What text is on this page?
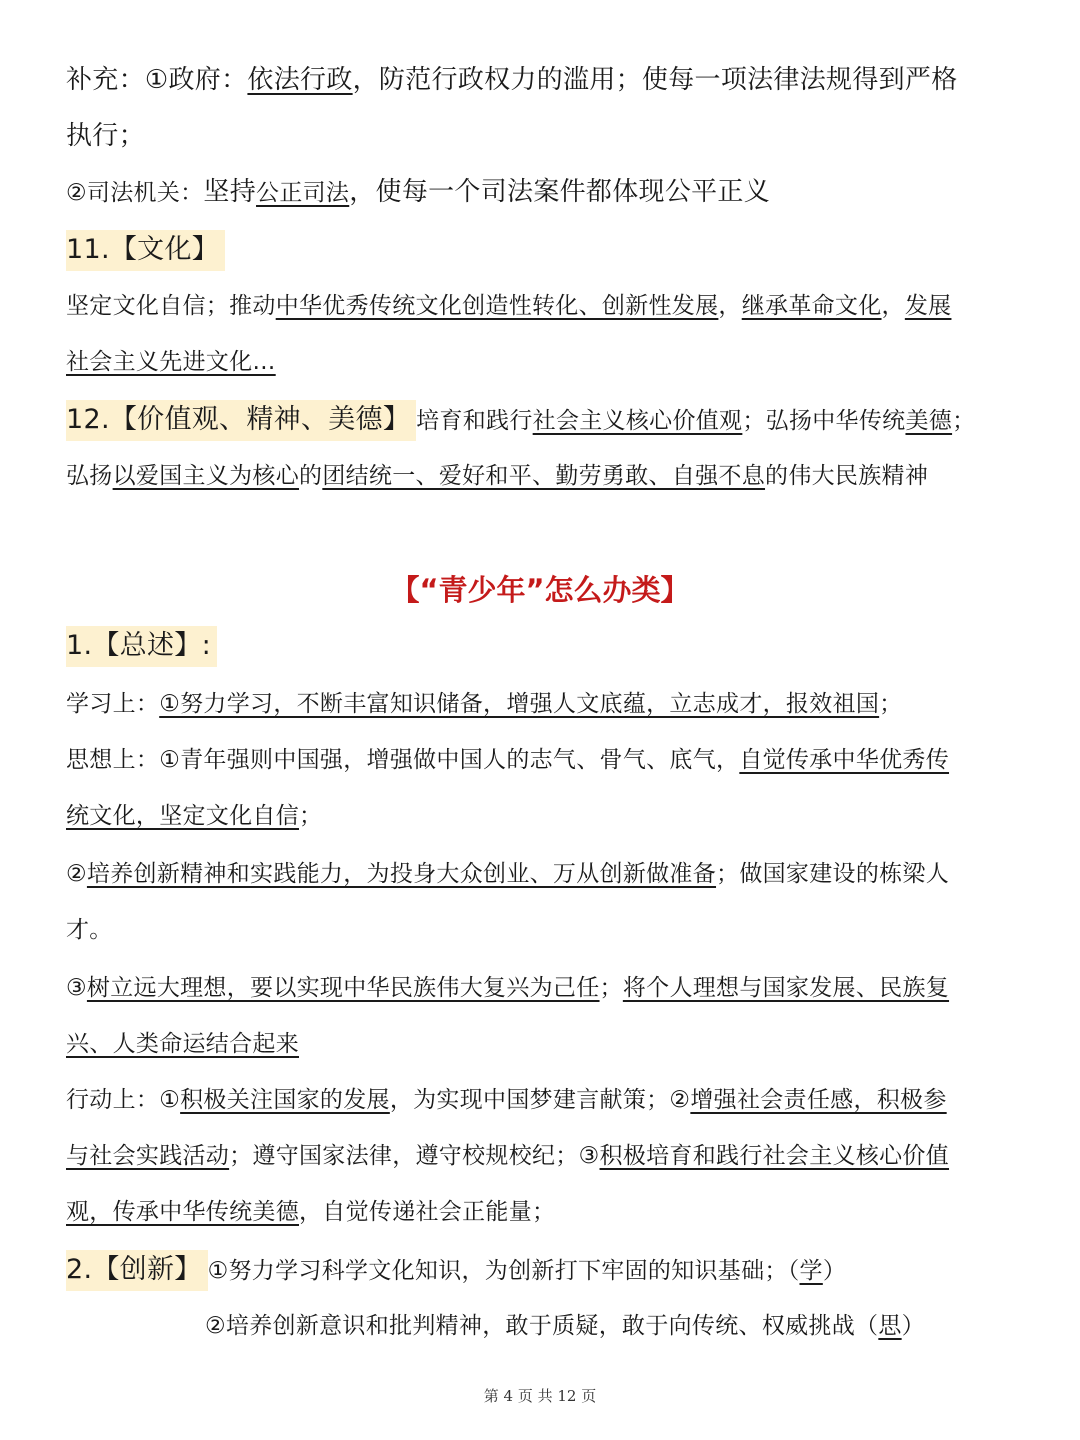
补充：①政府：依法行政，防范行政权力的滥用；使每一项法律法规得到严格
执行；
②司法机关：坚持公正司法，使每一个司法案件都体现公平正义
11.【文化】
坚定文化自信；推动中华优秀传统文化创造性转化、创新性发展，继承革命文化，发展
社会主义先进文化…
12.【价值观、精神、美德】 培育和践行社会主义核心价值观；弘扬中华传统美德；
弘扬以爱国主义为核心的团结统一、爱好和平、勤劳勇敢、自强不息的伟大民族精神
【“青少年”怎么办类】
1.【总述】:
学习上：①努力学习，不断丰富知识储备，增强人文底蕴，立志成才，报效祖国；
思想上：①青年强则中国强，增强做中国人的志气、骨气、底气，自觉传承中华优秀传
统文化，坚定文化自信；
②培养创新精神和实践能力，为投身大众创业、万从创新做准备；做国家建设的栋梁人
才。
③树立远大理想，要以实现中华民族伟大复兴为己任；将个人理想与国家发展、民族复
兴、人类命运结合起来
行动上：①积极关注国家的发展，为实现中国梦建言献策；②增强社会责任感，积极参
与社会实践活动；遵守国家法律，遵守校规校纪；③积极培育和践行社会主义核心价值
观，传承中华传统美德，自觉传递社会正能量；
2.【创新】 ①努力学习科学文化知识，为创新打下牢固的知识基础；（学）
②培养创新意识和批判精神，敢于质疑，敢于向传统、权威挑战（思）
第 4 页 共 12 页
